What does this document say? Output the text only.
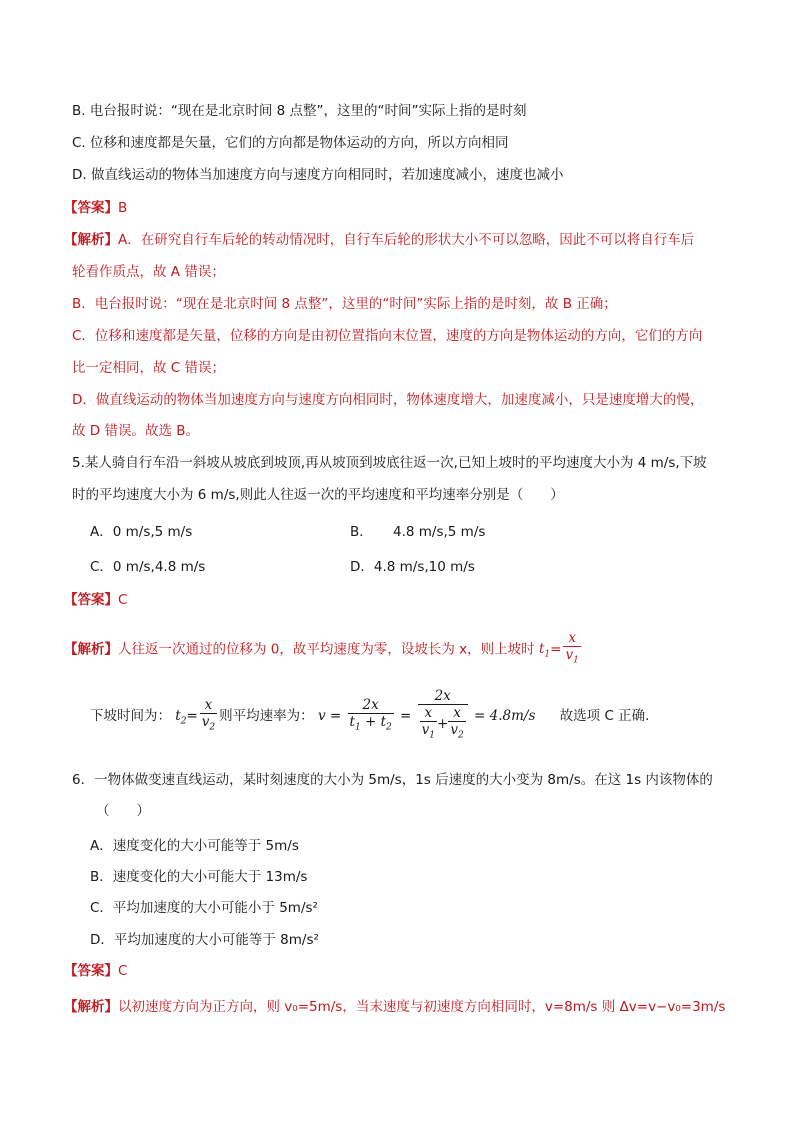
B. 电台报时说：“现在是北京时间 8 点整”，这里的“时间”实际上指的是时刻
C. 位移和速度都是矢量，它们的方向都是物体运动的方向，所以方向相同
D. 做直线运动的物体当加速度方向与速度方向相同时，若加速度减小，速度也减小
【答案】B
【解析】A．在研究自行车后轮的转动情况时，自行车后轮的形状大小不可以忽略，因此不可以将自行车后
轮看作质点，故 A 错误；
B．电台报时说：“现在是北京时间 8 点整”，这里的“时间”实际上指的是时刻，故 B 正确；
C．位移和速度都是矢量，位移的方向是由初位置指向末位置，速度的方向是物体运动的方向，它们的方向
比一定相同，故 C 错误；
D．做直线运动的物体当加速度方向与速度方向相同时，物体速度增大，加速度减小，只是速度增大的慢，
故 D 错误。故选 B。
5.某人骑自行车沿一斜坡从坡底到坡顶,再从坡顶到坡底往返一次,已知上坡时的平均速度大小为 4 m/s,下坡
时的平均速度大小为 6 m/s,则此人往返一次的平均速度和平均速率分别是（　　）
A．0 m/s,5 m/s	B．　　4.8 m/s,5 m/s
C．0 m/s,4.8 m/s	D．4.8 m/s,10 m/s
【答案】C
【解析】人往返一次通过的位移为 0，故平均速度为零，设坡长为 x，则上坡时 $t_1= \frac{x}{v_1}$
下坡时间为： $t_2= \frac{x}{v_2}$ 则平均速率为： $v = \frac{2x}{t_1 + t_2} = \frac{2x}{\frac{x}{v_1} + \frac{x}{v_2}} = 4.8m/s$ 故选项 C 正确.
6．一物体做变速直线运动，某时刻速度的大小为 5m/s，1s 后速度的大小变为 8m/s。在这 1s 内该物体的
（　　）
A．速度变化的大小可能等于 5m/s
B．速度变化的大小可能大于 13m/s
C．平均加速度的大小可能小于 5m/s²
D．平均加速度的大小可能等于 8m/s²
【答案】C
【解析】以初速度方向为正方向，则 v₀=5m/s，当末速度与初速度方向相同时，v=8m/s 则 Δv=v−v₀=3m/s
